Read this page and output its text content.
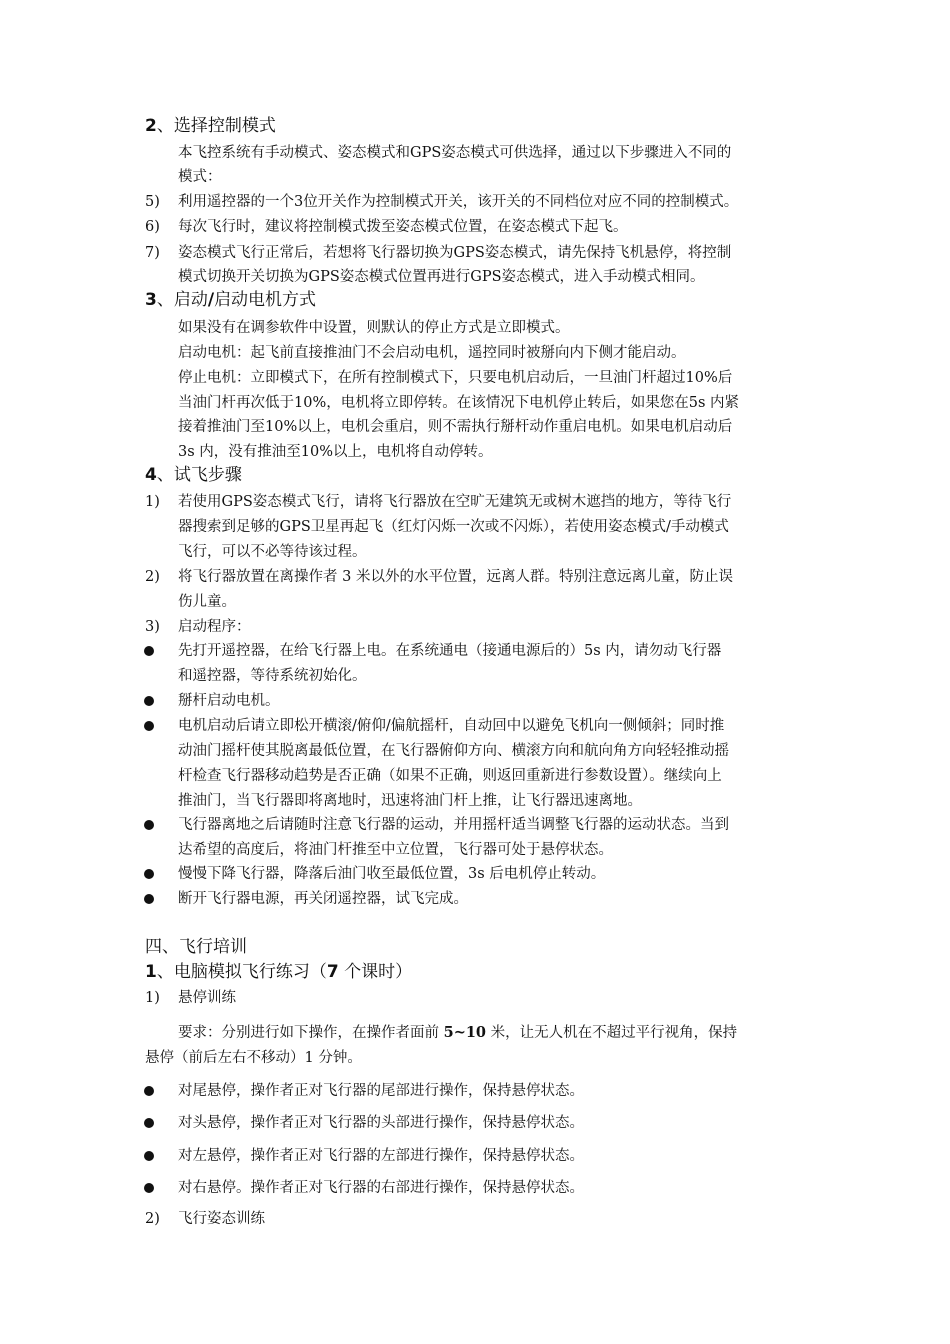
2、选择控制模式
本飞控系统有手动模式、姿态模式和GPS姿态模式可供选择，通过以下步骤进入不同的
模式：
5) 利用遥控器的一个3位开关作为控制模式开关，该开关的不同档位对应不同的控制模式。
6) 每次飞行时，建议将控制模式拨至姿态模式位置，在姿态模式下起飞。
7) 姿态模式飞行正常后，若想将飞行器切换为GPS姿态模式，请先保持飞机悬停，将控制
模式切换开关切换为GPS姿态模式位置再进行GPS姿态模式，进入手动模式相同。
3、启动/启动电机方式
如果没有在调参软件中设置，则默认的停止方式是立即模式。
启动电机：起飞前直接推油门不会启动电机，遥控同时被掰向内下侧才能启动。
停止电机：立即模式下，在所有控制模式下，只要电机启动后，一旦油门杆超过10%后
当油门杆再次低于10%，电机将立即停转。在该情况下电机停止转后，如果您在5s 内紧
接着推油门至10%以上，电机会重启，则不需执行掰杆动作重启电机。如果电机启动后
3s 内，没有推油至10%以上，电机将自动停转。
4、试飞步骤
1) 若使用GPS姿态模式飞行，请将飞行器放在空旷无建筑无或树木遮挡的地方，等待飞行
器搜索到足够的GPS卫星再起飞（红灯闪烁一次或不闪烁），若使用姿态模式/手动模式
飞行，可以不必等待该过程。
2) 将飞行器放置在离操作者 3 米以外的水平位置，远离人群。特别注意远离儿童，防止误
伤儿童。
3) 启动程序：
先打开遥控器，在给飞行器上电。在系统通电（接通电源后的）5s 内，请勿动飞行器
和遥控器，等待系统初始化。
掰杆启动电机。
电机启动后请立即松开横滚/俯仰/偏航摇杆，自动回中以避免飞机向一侧倾斜；同时推
动油门摇杆使其脱离最低位置，在飞行器俯仰方向、横滚方向和航向角方向轻轻推动摇
杆检查飞行器移动趋势是否正确（如果不正确，则返回重新进行参数设置）。继续向上
推油门，当飞行器即将离地时，迅速将油门杆上推，让飞行器迅速离地。
飞行器离地之后请随时注意飞行器的运动，并用摇杆适当调整飞行器的运动状态。当到
达希望的高度后，将油门杆推至中立位置，飞行器可处于悬停状态。
慢慢下降飞行器，降落后油门收至最低位置，3s 后电机停止转动。
断开飞行器电源，再关闭遥控器，试飞完成。
四、飞行培训
1、电脑模拟飞行练习（7 个课时）
1) 悬停训练
要求：分别进行如下操作，在操作者面前 5~10 米，让无人机在不超过平行视角，保持
悬停（前后左右不移动）1 分钟。
对尾悬停，操作者正对飞行器的尾部进行操作，保持悬停状态。
对头悬停，操作者正对飞行器的头部进行操作，保持悬停状态。
对左悬停，操作者正对飞行器的左部进行操作，保持悬停状态。
对右悬停。操作者正对飞行器的右部进行操作，保持悬停状态。
2) 飞行姿态训练
